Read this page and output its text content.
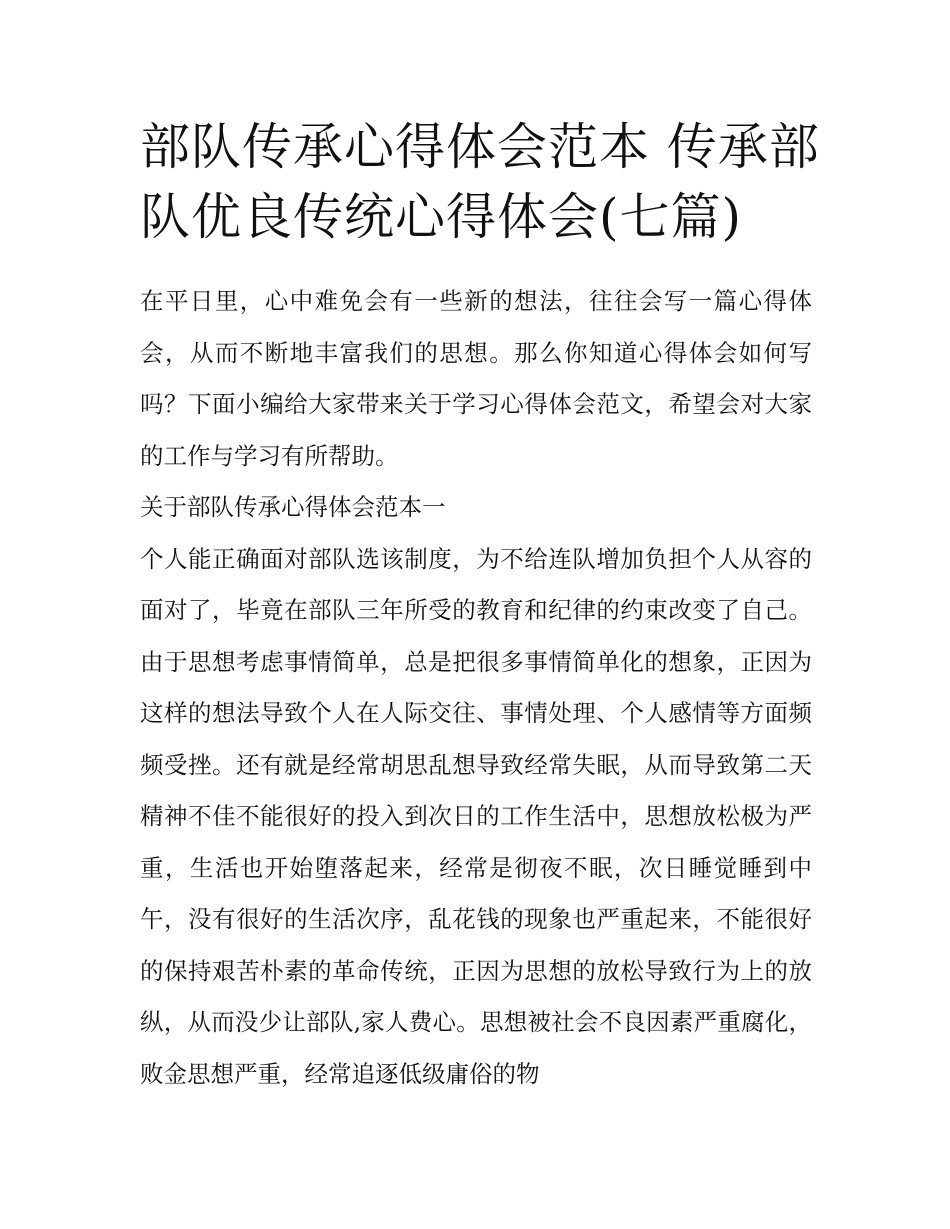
部队传承心得体会范本 传承部队优良传统心得体会(七篇)

在平日里，心中难免会有一些新的想法，往往会写一篇心得体会，从而不断地丰富我们的思想。那么你知道心得体会如何写吗？下面小编给大家带来关于学习心得体会范文，希望会对大家的工作与学习有所帮助。

关于部队传承心得体会范本一

个人能正确面对部队选该制度，为不给连队增加负担个人从容的面对了，毕竟在部队三年所受的教育和纪律的约束改变了自己。由于思想考虑事情简单，总是把很多事情简单化的想象，正因为这样的想法导致个人在人际交往、事情处理、个人感情等方面频频受挫。还有就是经常胡思乱想导致经常失眠，从而导致第二天精神不佳不能很好的投入到次日的工作生活中，思想放松极为严重，生活也开始堕落起来，经常是彻夜不眠，次日睡觉睡到中午，没有很好的生活次序，乱花钱的现象也严重起来，不能很好的保持艰苦朴素的革命传统，正因为思想的放松导致行为上的放纵，从而没少让部队,家人费心。思想被社会不良因素严重腐化，败金思想严重，经常追逐低级庸俗的物
